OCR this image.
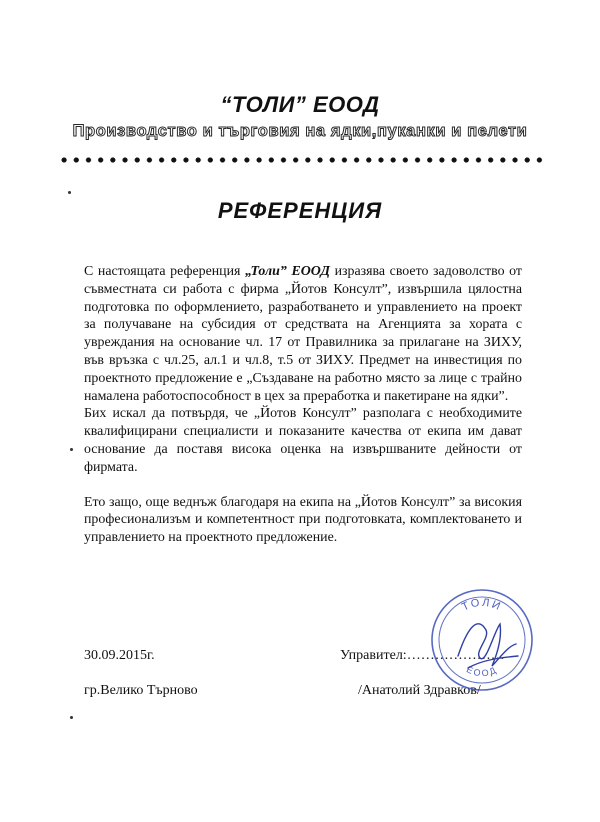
“ТОЛИ” ЕООД
Производство и търговия на ядки,пуканки и пелети
РЕФЕРЕНЦИЯ

С настоящата референция „Толи” ЕООД изразява своето задоволство от съвместната си работа с фирма „Йотов Консулт”, извършила цялостна подготовка по оформлението, разработването и управлението на проект за получаване на субсидия от средствата на Агенцията за хората с увреждания на основание чл. 17 от Правилника за прилагане на ЗИХУ, във връзка с чл.25, ал.1 и чл.8, т.5 от ЗИХУ. Предмет на инвестиция по проектното предложение е „Създаване на работно място за лице с трайно намалена работоспособност в цех за преработка и пакетиране на ядки”.

Бих искал да потвърдя, че „Йотов Консулт” разполага с необходимите квалифицирани специалисти и показаните качества от екипа им дават основание да поставя висока оценка на извършваните дейности от фирмата.

Ето защо, още веднъж благодаря на екипа на „Йотов Консулт” за високия професионализъм и компетентност при подготовката, комплектоването и управлението на проектното предложение.

30.09.2015г.
гр.Велико Търново
Управител:…………………
/Анатолий Здравков/
ТОЛИ
ЕООД
